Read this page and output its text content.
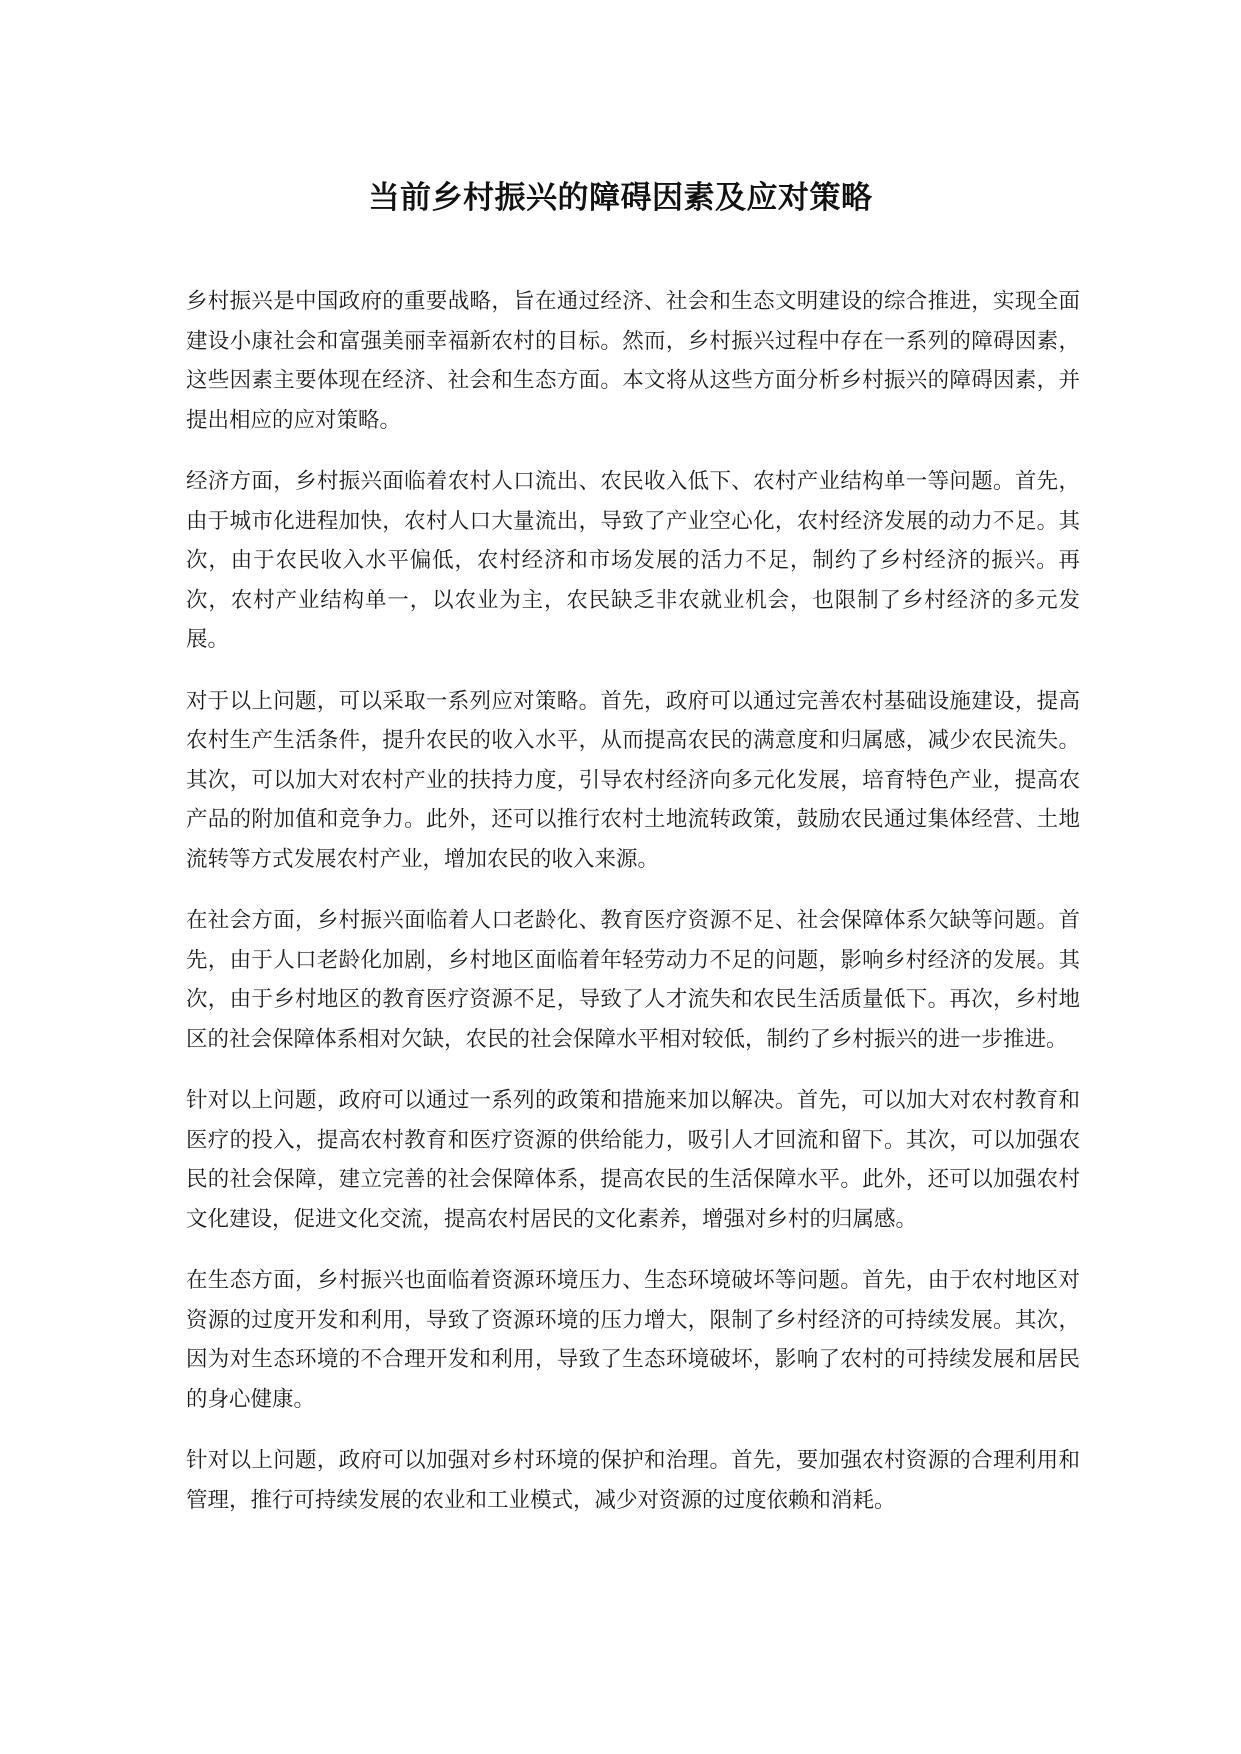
当前乡村振兴的障碍因素及应对策略

乡村振兴是中国政府的重要战略，旨在通过经济、社会和生态文明建设的综合推进，实现全面建设小康社会和富强美丽幸福新农村的目标。然而，乡村振兴过程中存在一系列的障碍因素，这些因素主要体现在经济、社会和生态方面。本文将从这些方面分析乡村振兴的障碍因素，并提出相应的应对策略。

经济方面，乡村振兴面临着农村人口流出、农民收入低下、农村产业结构单一等问题。首先，由于城市化进程加快，农村人口大量流出，导致了产业空心化，农村经济发展的动力不足。其次，由于农民收入水平偏低，农村经济和市场发展的活力不足，制约了乡村经济的振兴。再次，农村产业结构单一，以农业为主，农民缺乏非农就业机会，也限制了乡村经济的多元发展。

对于以上问题，可以采取一系列应对策略。首先，政府可以通过完善农村基础设施建设，提高农村生产生活条件，提升农民的收入水平，从而提高农民的满意度和归属感，减少农民流失。其次，可以加大对农村产业的扶持力度，引导农村经济向多元化发展，培育特色产业，提高农产品的附加值和竞争力。此外，还可以推行农村土地流转政策，鼓励农民通过集体经营、土地流转等方式发展农村产业，增加农民的收入来源。

在社会方面，乡村振兴面临着人口老龄化、教育医疗资源不足、社会保障体系欠缺等问题。首先，由于人口老龄化加剧，乡村地区面临着年轻劳动力不足的问题，影响乡村经济的发展。其次，由于乡村地区的教育医疗资源不足，导致了人才流失和农民生活质量低下。再次，乡村地区的社会保障体系相对欠缺，农民的社会保障水平相对较低，制约了乡村振兴的进一步推进。

针对以上问题，政府可以通过一系列的政策和措施来加以解决。首先，可以加大对农村教育和医疗的投入，提高农村教育和医疗资源的供给能力，吸引人才回流和留下。其次，可以加强农民的社会保障，建立完善的社会保障体系，提高农民的生活保障水平。此外，还可以加强农村文化建设，促进文化交流，提高农村居民的文化素养，增强对乡村的归属感。

在生态方面，乡村振兴也面临着资源环境压力、生态环境破坏等问题。首先，由于农村地区对资源的过度开发和利用，导致了资源环境的压力增大，限制了乡村经济的可持续发展。其次，因为对生态环境的不合理开发和利用，导致了生态环境破坏，影响了农村的可持续发展和居民的身心健康。

针对以上问题，政府可以加强对乡村环境的保护和治理。首先，要加强农村资源的合理利用和管理，推行可持续发展的农业和工业模式，减少对资源的过度依赖和消耗。
